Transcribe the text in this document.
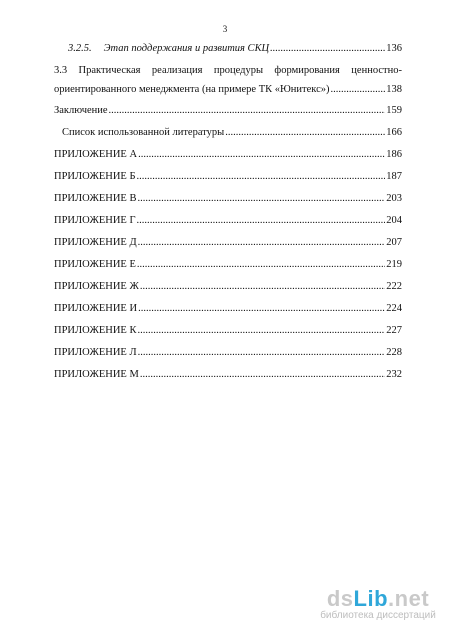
3
3.2.5.	Этап поддержания и развития СКЦ .....	136
3.3 Практическая реализация процедуры формирования ценностно-
ориентированного менеджмента (на примере ТК «Юнитекс») .....	138
Заключение .....	159
Список использованной литературы .....	166
ПРИЛОЖЕНИЕ А .....	186
ПРИЛОЖЕНИЕ Б .....	187
ПРИЛОЖЕНИЕ В .....	203
ПРИЛОЖЕНИЕ Г .....	204
ПРИЛОЖЕНИЕ Д .....	207
ПРИЛОЖЕНИЕ Е .....	219
ПРИЛОЖЕНИЕ Ж .....	222
ПРИЛОЖЕНИЕ И .....	224
ПРИЛОЖЕНИЕ К .....	227
ПРИЛОЖЕНИЕ Л .....	228
ПРИЛОЖЕНИЕ М .....	232
dsLib.net
библиотека диссертаций
